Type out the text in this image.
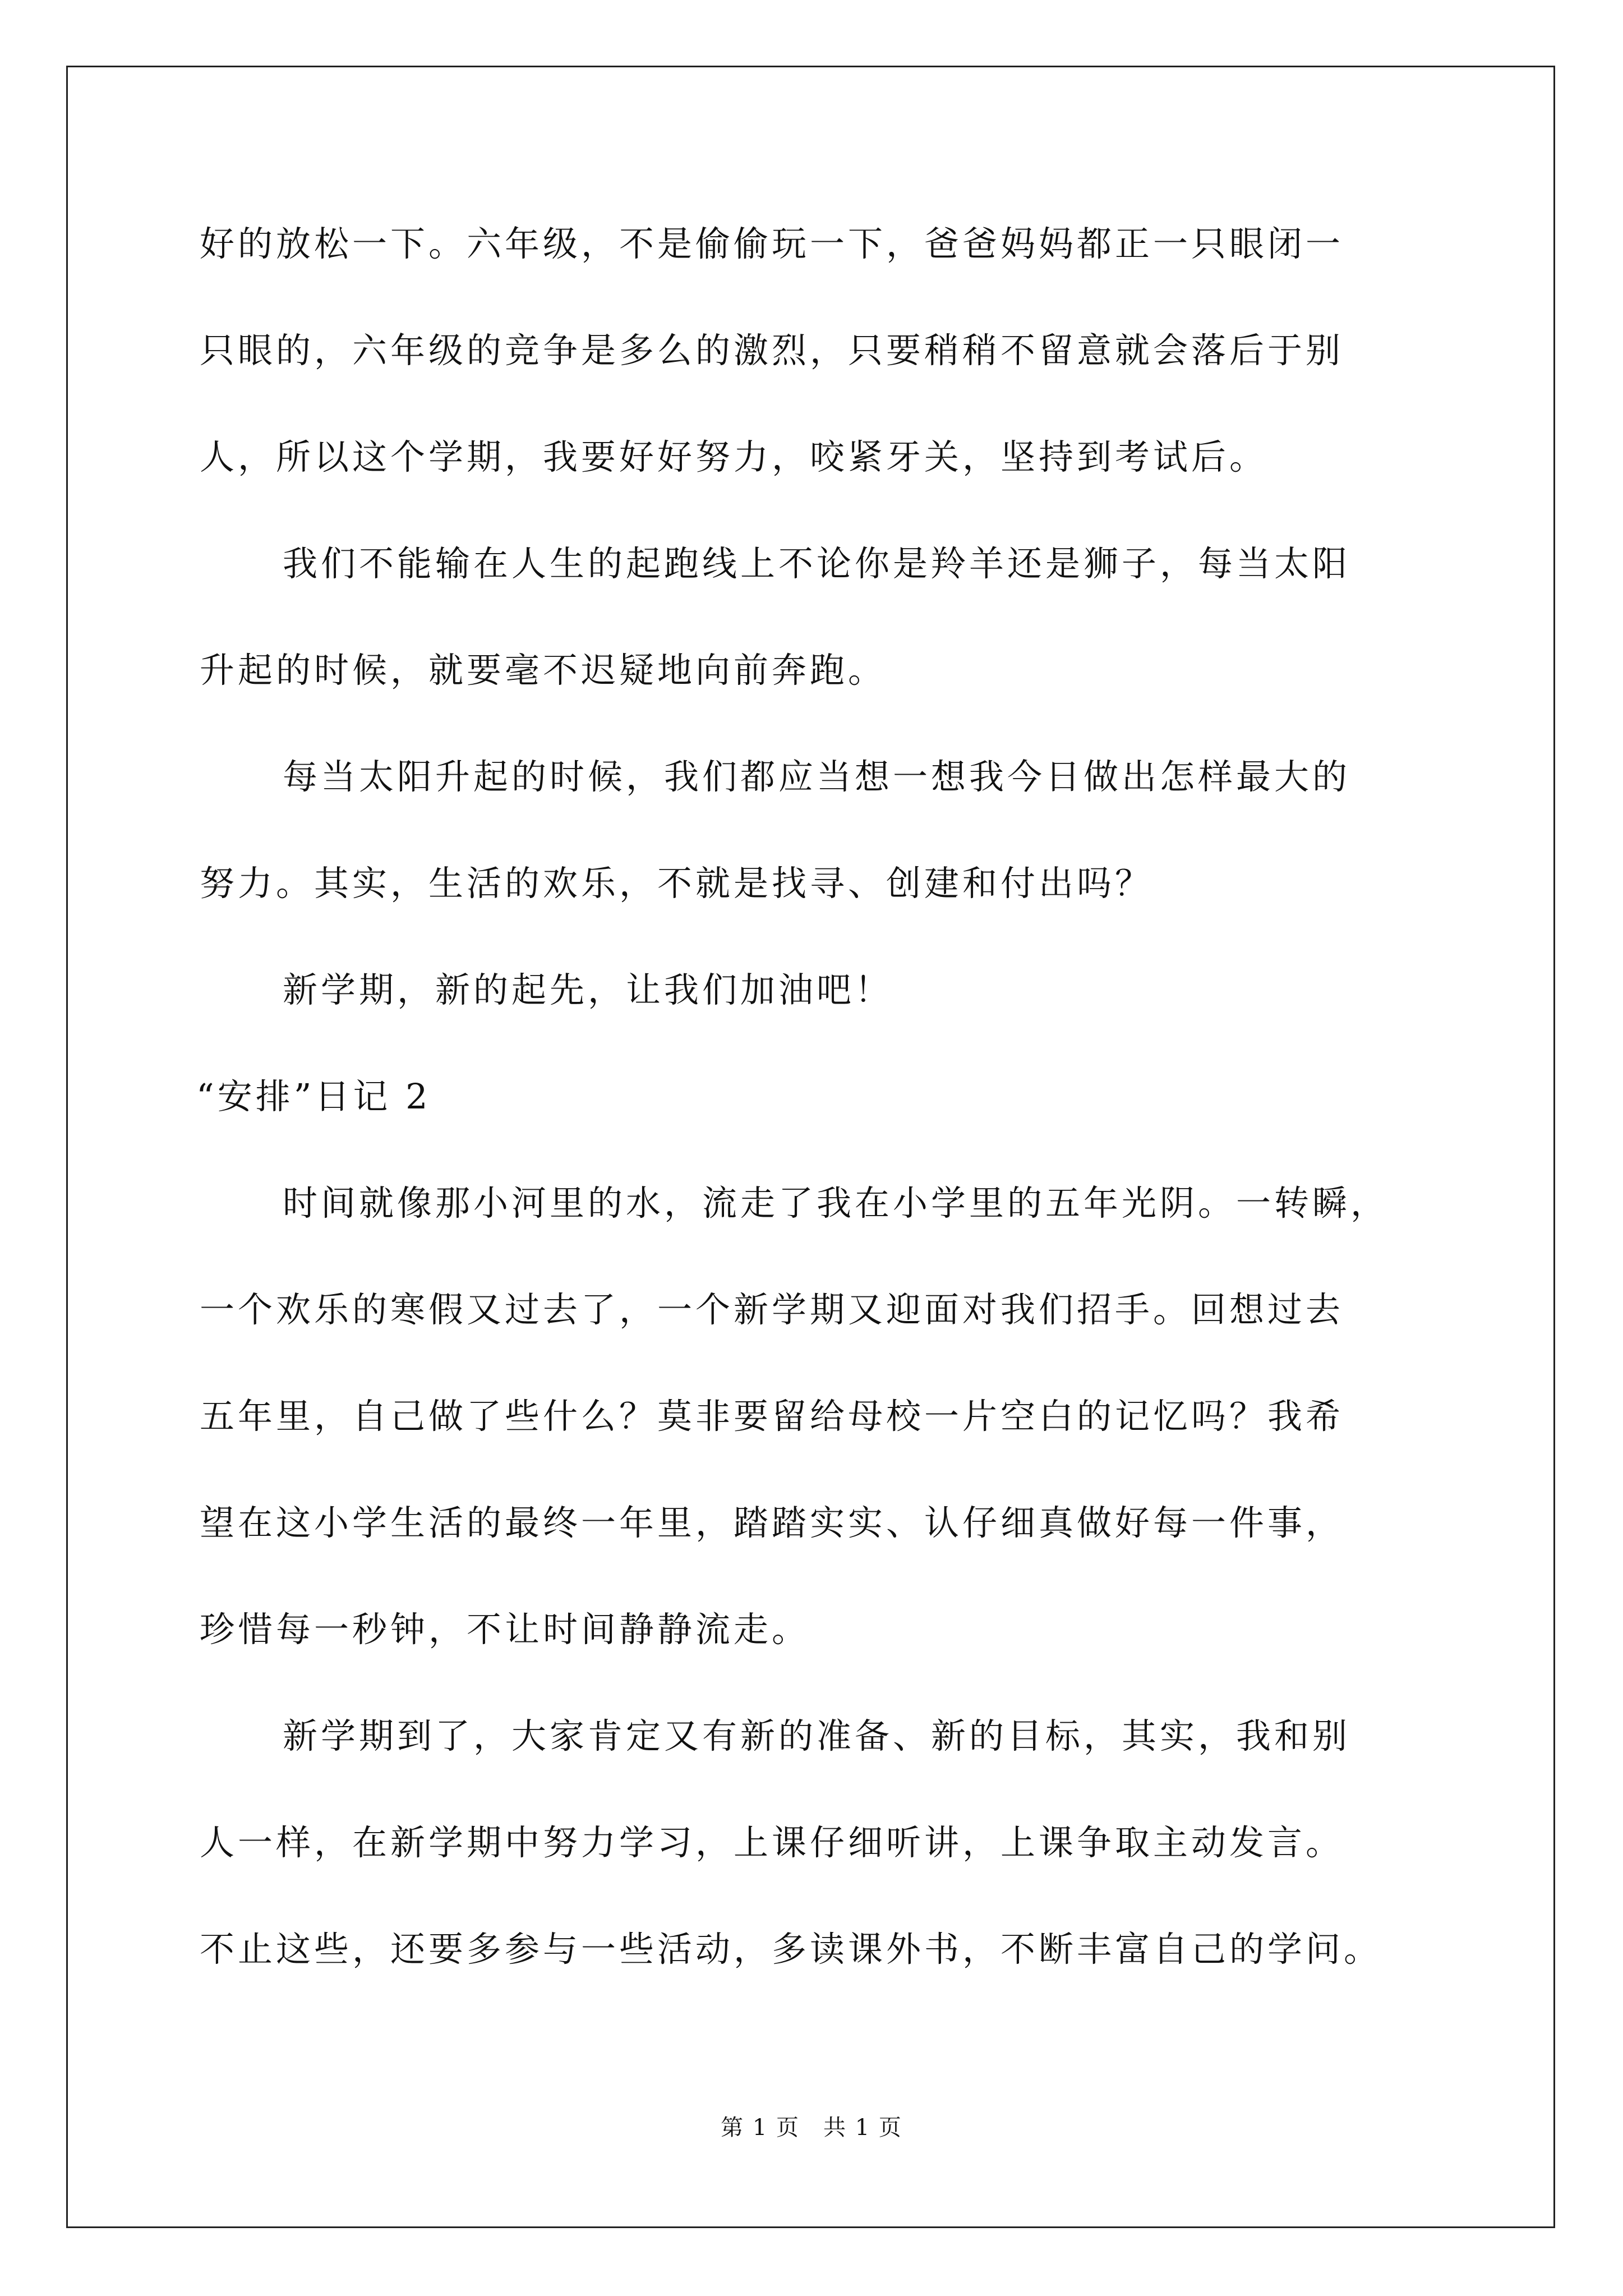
好的放松一下。六年级，不是偷偷玩一下，爸爸妈妈都正一只眼闭一
只眼的，六年级的竞争是多么的激烈，只要稍稍不留意就会落后于别
人，所以这个学期，我要好好努力，咬紧牙关，坚持到考试后。
我们不能输在人生的起跑线上不论你是羚羊还是狮子，每当太阳
升起的时候，就要毫不迟疑地向前奔跑。
每当太阳升起的时候，我们都应当想一想我今日做出怎样最大的
努力。其实，生活的欢乐，不就是找寻、创建和付出吗？
新学期，新的起先，让我们加油吧！
“安排”日记 2
时间就像那小河里的水，流走了我在小学里的五年光阴。一转瞬，
一个欢乐的寒假又过去了，一个新学期又迎面对我们招手。回想过去
五年里，自己做了些什么？莫非要留给母校一片空白的记忆吗？我希
望在这小学生活的最终一年里，踏踏实实、认仔细真做好每一件事，
珍惜每一秒钟，不让时间静静流走。
新学期到了，大家肯定又有新的准备、新的目标，其实，我和别
人一样，在新学期中努力学习，上课仔细听讲，上课争取主动发言。
不止这些，还要多参与一些活动，多读课外书，不断丰富自己的学问。
第 1 页　共 1 页
